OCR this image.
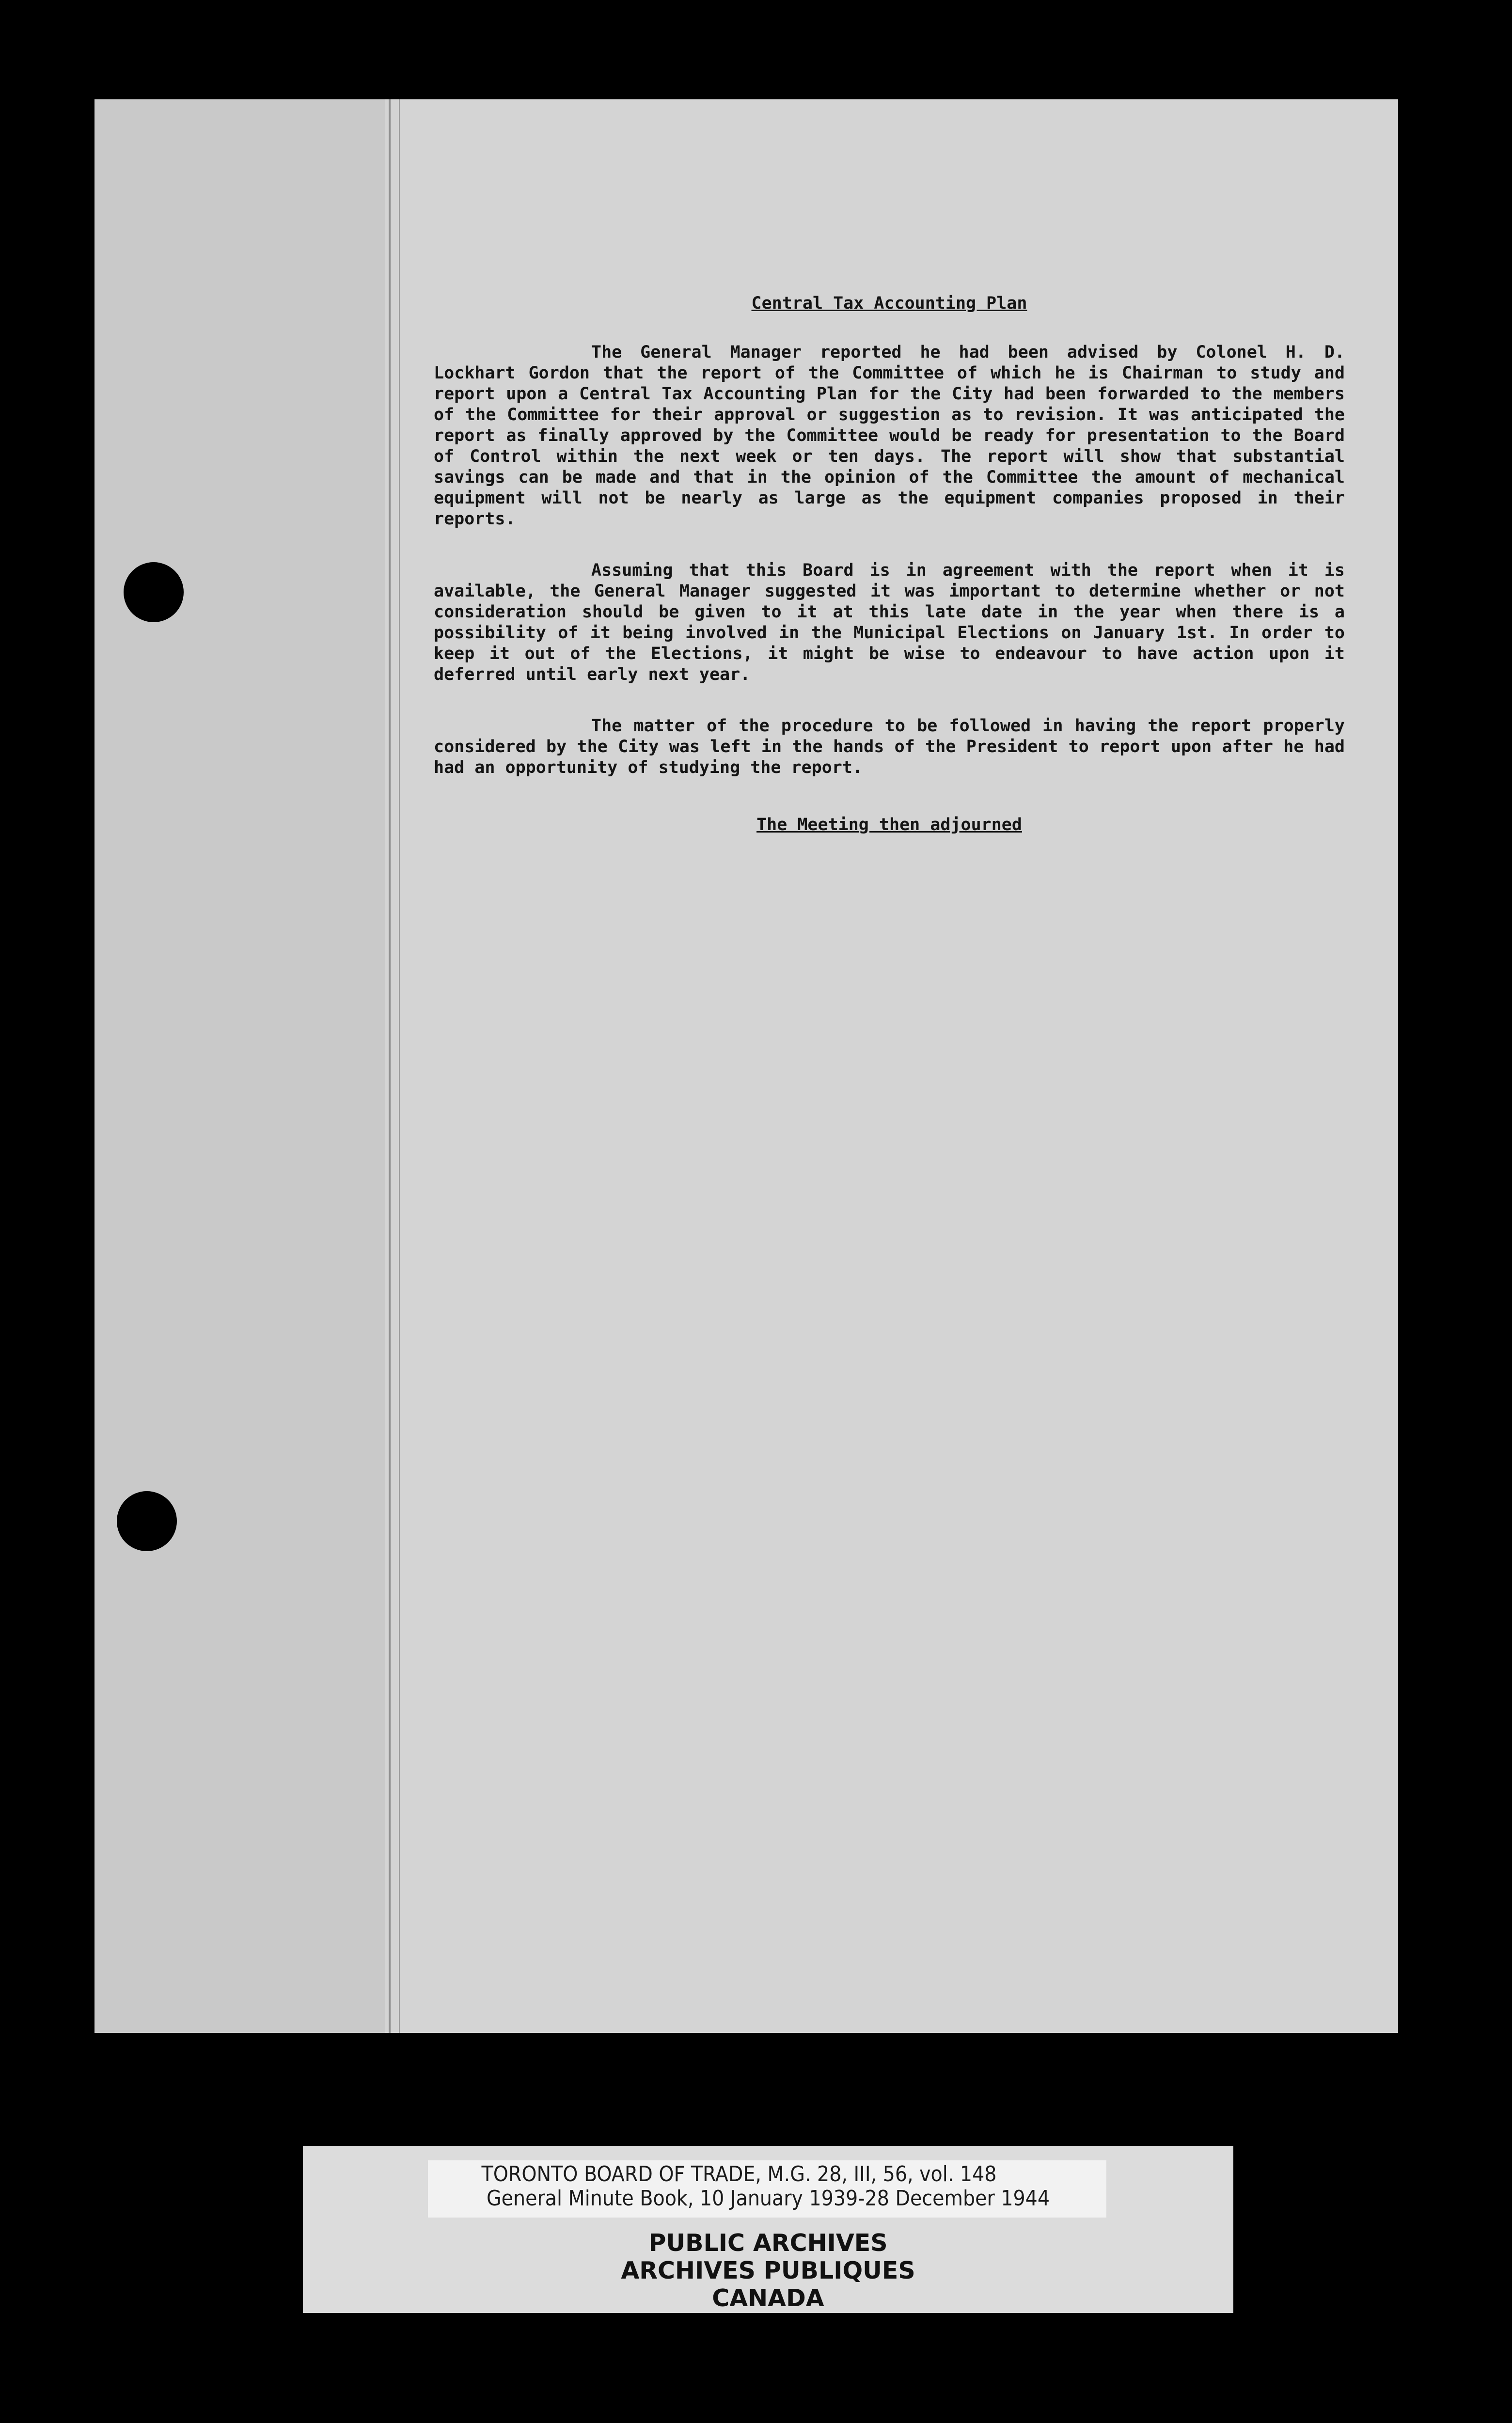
Central Tax Accounting Plan

The General Manager reported he had been advised by Colonel H. D. Lockhart Gordon that the report of the Committee of which he is Chairman to study and report upon a Central Tax Accounting Plan for the City had been forwarded to the members of the Committee for their approval or suggestion as to revision. It was anticipated the report as finally approved by the Committee would be ready for presentation to the Board of Control within the next week or ten days. The report will show that substantial savings can be made and that in the opinion of the Committee the amount of mechanical equipment will not be nearly as large as the equipment companies proposed in their reports.

Assuming that this Board is in agreement with the report when it is available, the General Manager suggested it was important to determine whether or not consideration should be given to it at this late date in the year when there is a possibility of it being involved in the Municipal Elections on January 1st. In order to keep it out of the Elections, it might be wise to endeavour to have action upon it deferred until early next year.

The matter of the procedure to be followed in having the report properly considered by the City was left in the hands of the President to report upon after he had had an opportunity of studying the report.

The Meeting then adjourned
TORONTO BOARD OF TRADE, M.G. 28, III, 56, vol. 148
General Minute Book, 10 January 1939-28 December 1944
PUBLIC ARCHIVES
ARCHIVES PUBLIQUES
CANADA
